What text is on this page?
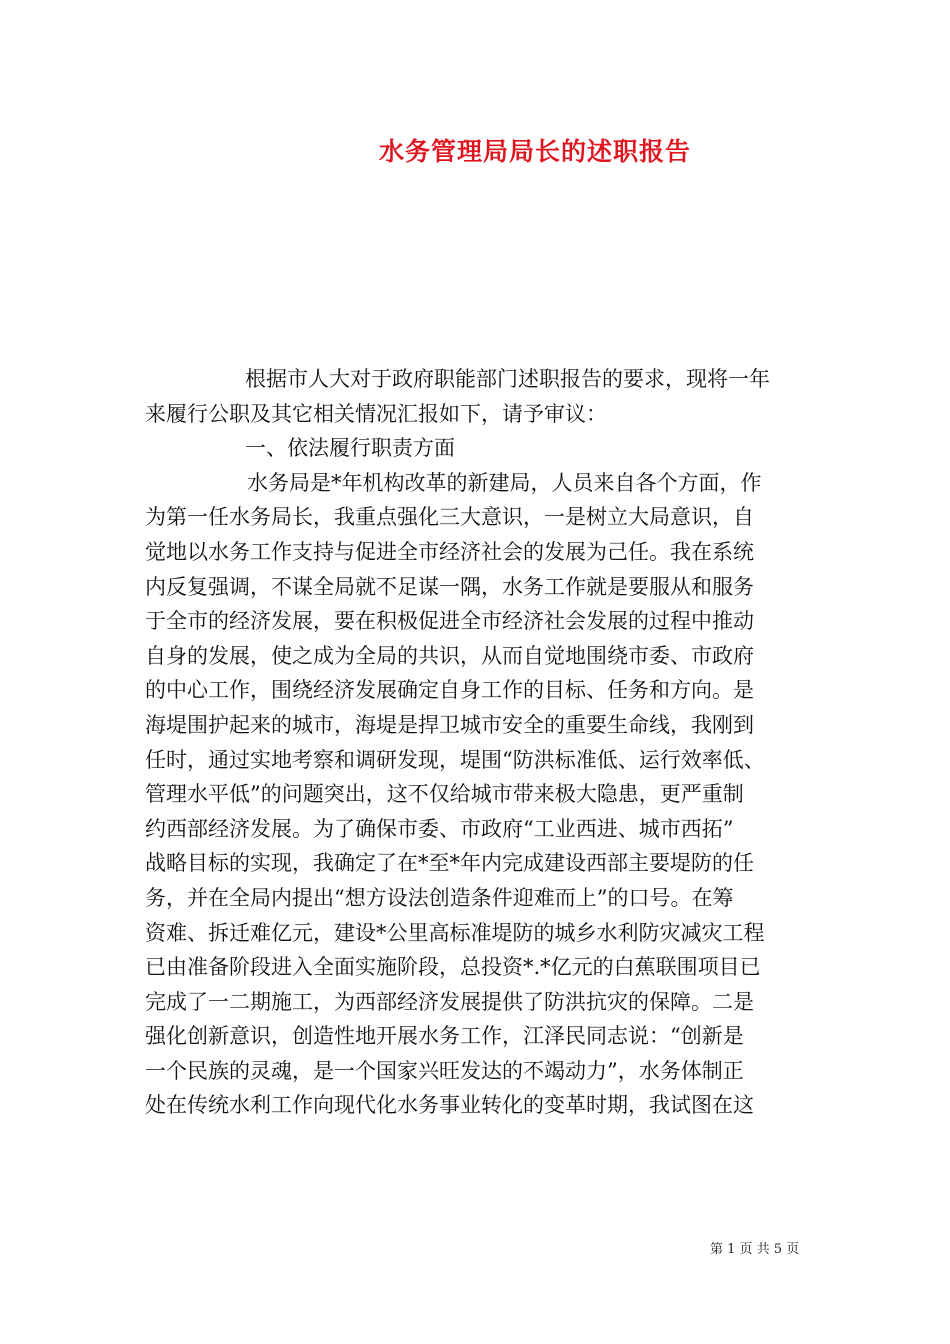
水务管理局局长的述职报告
根据市人大对于政府职能部门述职报告的要求，现将一年
来履行公职及其它相关情况汇报如下，请予审议：
一、依法履行职责方面
水务局是*年机构改革的新建局，人员来自各个方面，作
为第一任水务局长，我重点强化三大意识，一是树立大局意识，自
觉地以水务工作支持与促进全市经济社会的发展为己任。我在系统
内反复强调，不谋全局就不足谋一隅，水务工作就是要服从和服务
于全市的经济发展，要在积极促进全市经济社会发展的过程中推动
自身的发展，使之成为全局的共识，从而自觉地围绕市委、市政府
的中心工作，围绕经济发展确定自身工作的目标、任务和方向。是
海堤围护起来的城市，海堤是捍卫城市安全的重要生命线，我刚到
任时，通过实地考察和调研发现，堤围“防洪标准低、运行效率低、
管理水平低”的问题突出，这不仅给城市带来极大隐患，更严重制
约西部经济发展。为了确保市委、市政府“工业西进、城市西拓”
战略目标的实现，我确定了在*至*年内完成建设西部主要堤防的任
务，并在全局内提出“想方设法创造条件迎难而上”的口号。在筹
资难、拆迁难亿元，建设*公里高标准堤防的城乡水利防灾减灾工程
已由准备阶段进入全面实施阶段，总投资*.*亿元的白蕉联围项目已
完成了一二期施工，为西部经济发展提供了防洪抗灾的保障。二是
强化创新意识，创造性地开展水务工作，江泽民同志说：“创新是
一个民族的灵魂，是一个国家兴旺发达的不竭动力”，水务体制正
处在传统水利工作向现代化水务事业转化的变革时期，我试图在这
第 1 页 共 5 页
